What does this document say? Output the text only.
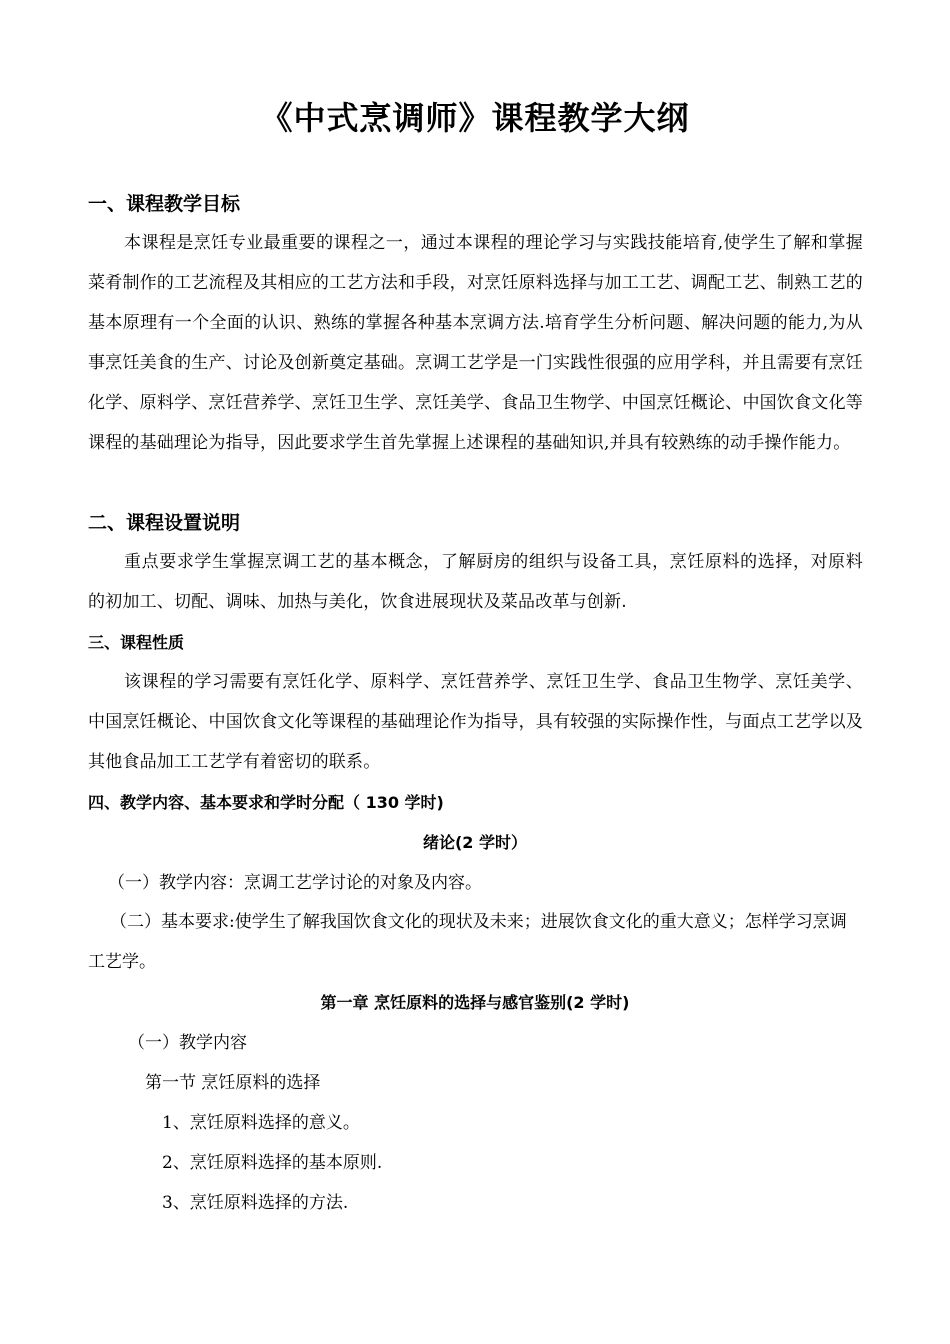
《中式烹调师》课程教学大纲
一、课程教学目标
本课程是烹饪专业最重要的课程之一，通过本课程的理论学习与实践技能培育,使学生了解和掌握菜肴制作的工艺流程及其相应的工艺方法和手段，对烹饪原料选择与加工工艺、调配工艺、制熟工艺的基本原理有一个全面的认识、熟练的掌握各种基本烹调方法.培育学生分析问题、解决问题的能力,为从事烹饪美食的生产、讨论及创新奠定基础。烹调工艺学是一门实践性很强的应用学科，并且需要有烹饪化学、原料学、烹饪营养学、烹饪卫生学、烹饪美学、食品卫生物学、中国烹饪概论、中国饮食文化等课程的基础理论为指导，因此要求学生首先掌握上述课程的基础知识,并具有较熟练的动手操作能力。
二、课程设置说明
重点要求学生掌握烹调工艺的基本概念，了解厨房的组织与设备工具，烹饪原料的选择，对原料的初加工、切配、调味、加热与美化，饮食进展现状及菜品改革与创新.
三、课程性质
该课程的学习需要有烹饪化学、原料学、烹饪营养学、烹饪卫生学、食品卫生物学、烹饪美学、中国烹饪概论、中国饮食文化等课程的基础理论作为指导，具有较强的实际操作性，与面点工艺学以及其他食品加工工艺学有着密切的联系。
四、教学内容、基本要求和学时分配（ 130 学时)
绪论(2 学时）
（一）教学内容：烹调工艺学讨论的对象及内容。
（二）基本要求:使学生了解我国饮食文化的现状及未来；进展饮食文化的重大意义；怎样学习烹调工艺学。
第一章 烹饪原料的选择与感官鉴别(2 学时)
（一）教学内容
第一节 烹饪原料的选择
1、烹饪原料选择的意义。
2、烹饪原料选择的基本原则.
3、烹饪原料选择的方法.
